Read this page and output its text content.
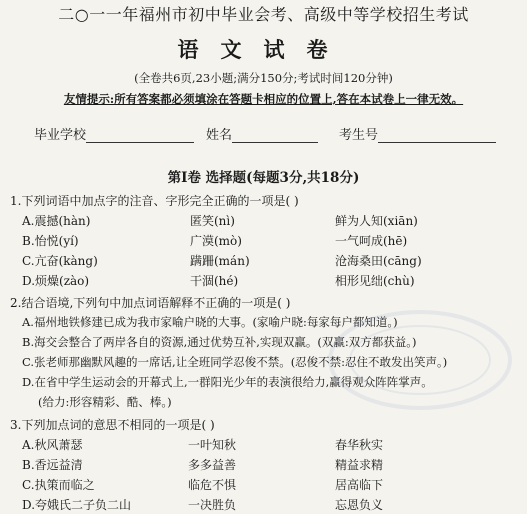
二○一一年福州市初中毕业会考、高级中等学校招生考试
语文试卷
(全卷共6页,23小题;满分150分;考试时间120分钟)
友情提示:所有答案都必须填涂在答题卡相应的位置上,答在本试卷上一律无效。
毕业学校	姓名	考生号
第Ⅰ卷 选择题(每题3分,共18分)
1.下列词语中加点字的注音、字形完全正确的一项是( )
A.震撼(hàn)	匿笑(nì)	鲜为人知(xiān)
B.怡悦(yí)	广漠(mò)	一气呵成(hē)
C.亢奋(kàng)	蹒跚(mán)	沧海桑田(cāng)
D.烦燥(zào)	干涸(hé)	相形见绌(chù)
2.结合语境,下列句中加点词语解释不正确的一项是( )
A.福州地铁修建已成为我市家喻户晓的大事。(家喻户晓:每家每户都知道。)
B.海交会整合了两岸各自的资源,通过优势互补,实现双赢。(双赢:双方都获益。)
C.张老师那幽默风趣的一席话,让全班同学忍俊不禁。(忍俊不禁:忍住不敢发出笑声。)
D.在省中学生运动会的开幕式上,一群阳光少年的表演很给力,赢得观众阵阵掌声。
(给力:形容精彩、酷、棒。)
3.下列加点词的意思不相同的一项是( )
A.秋风萧瑟	一叶知秋	春华秋实
B.香远益清	多多益善	精益求精
C.执策而临之	临危不惧	居高临下
D.夸娥氏二子负二山	一决胜负	忘恩负义
